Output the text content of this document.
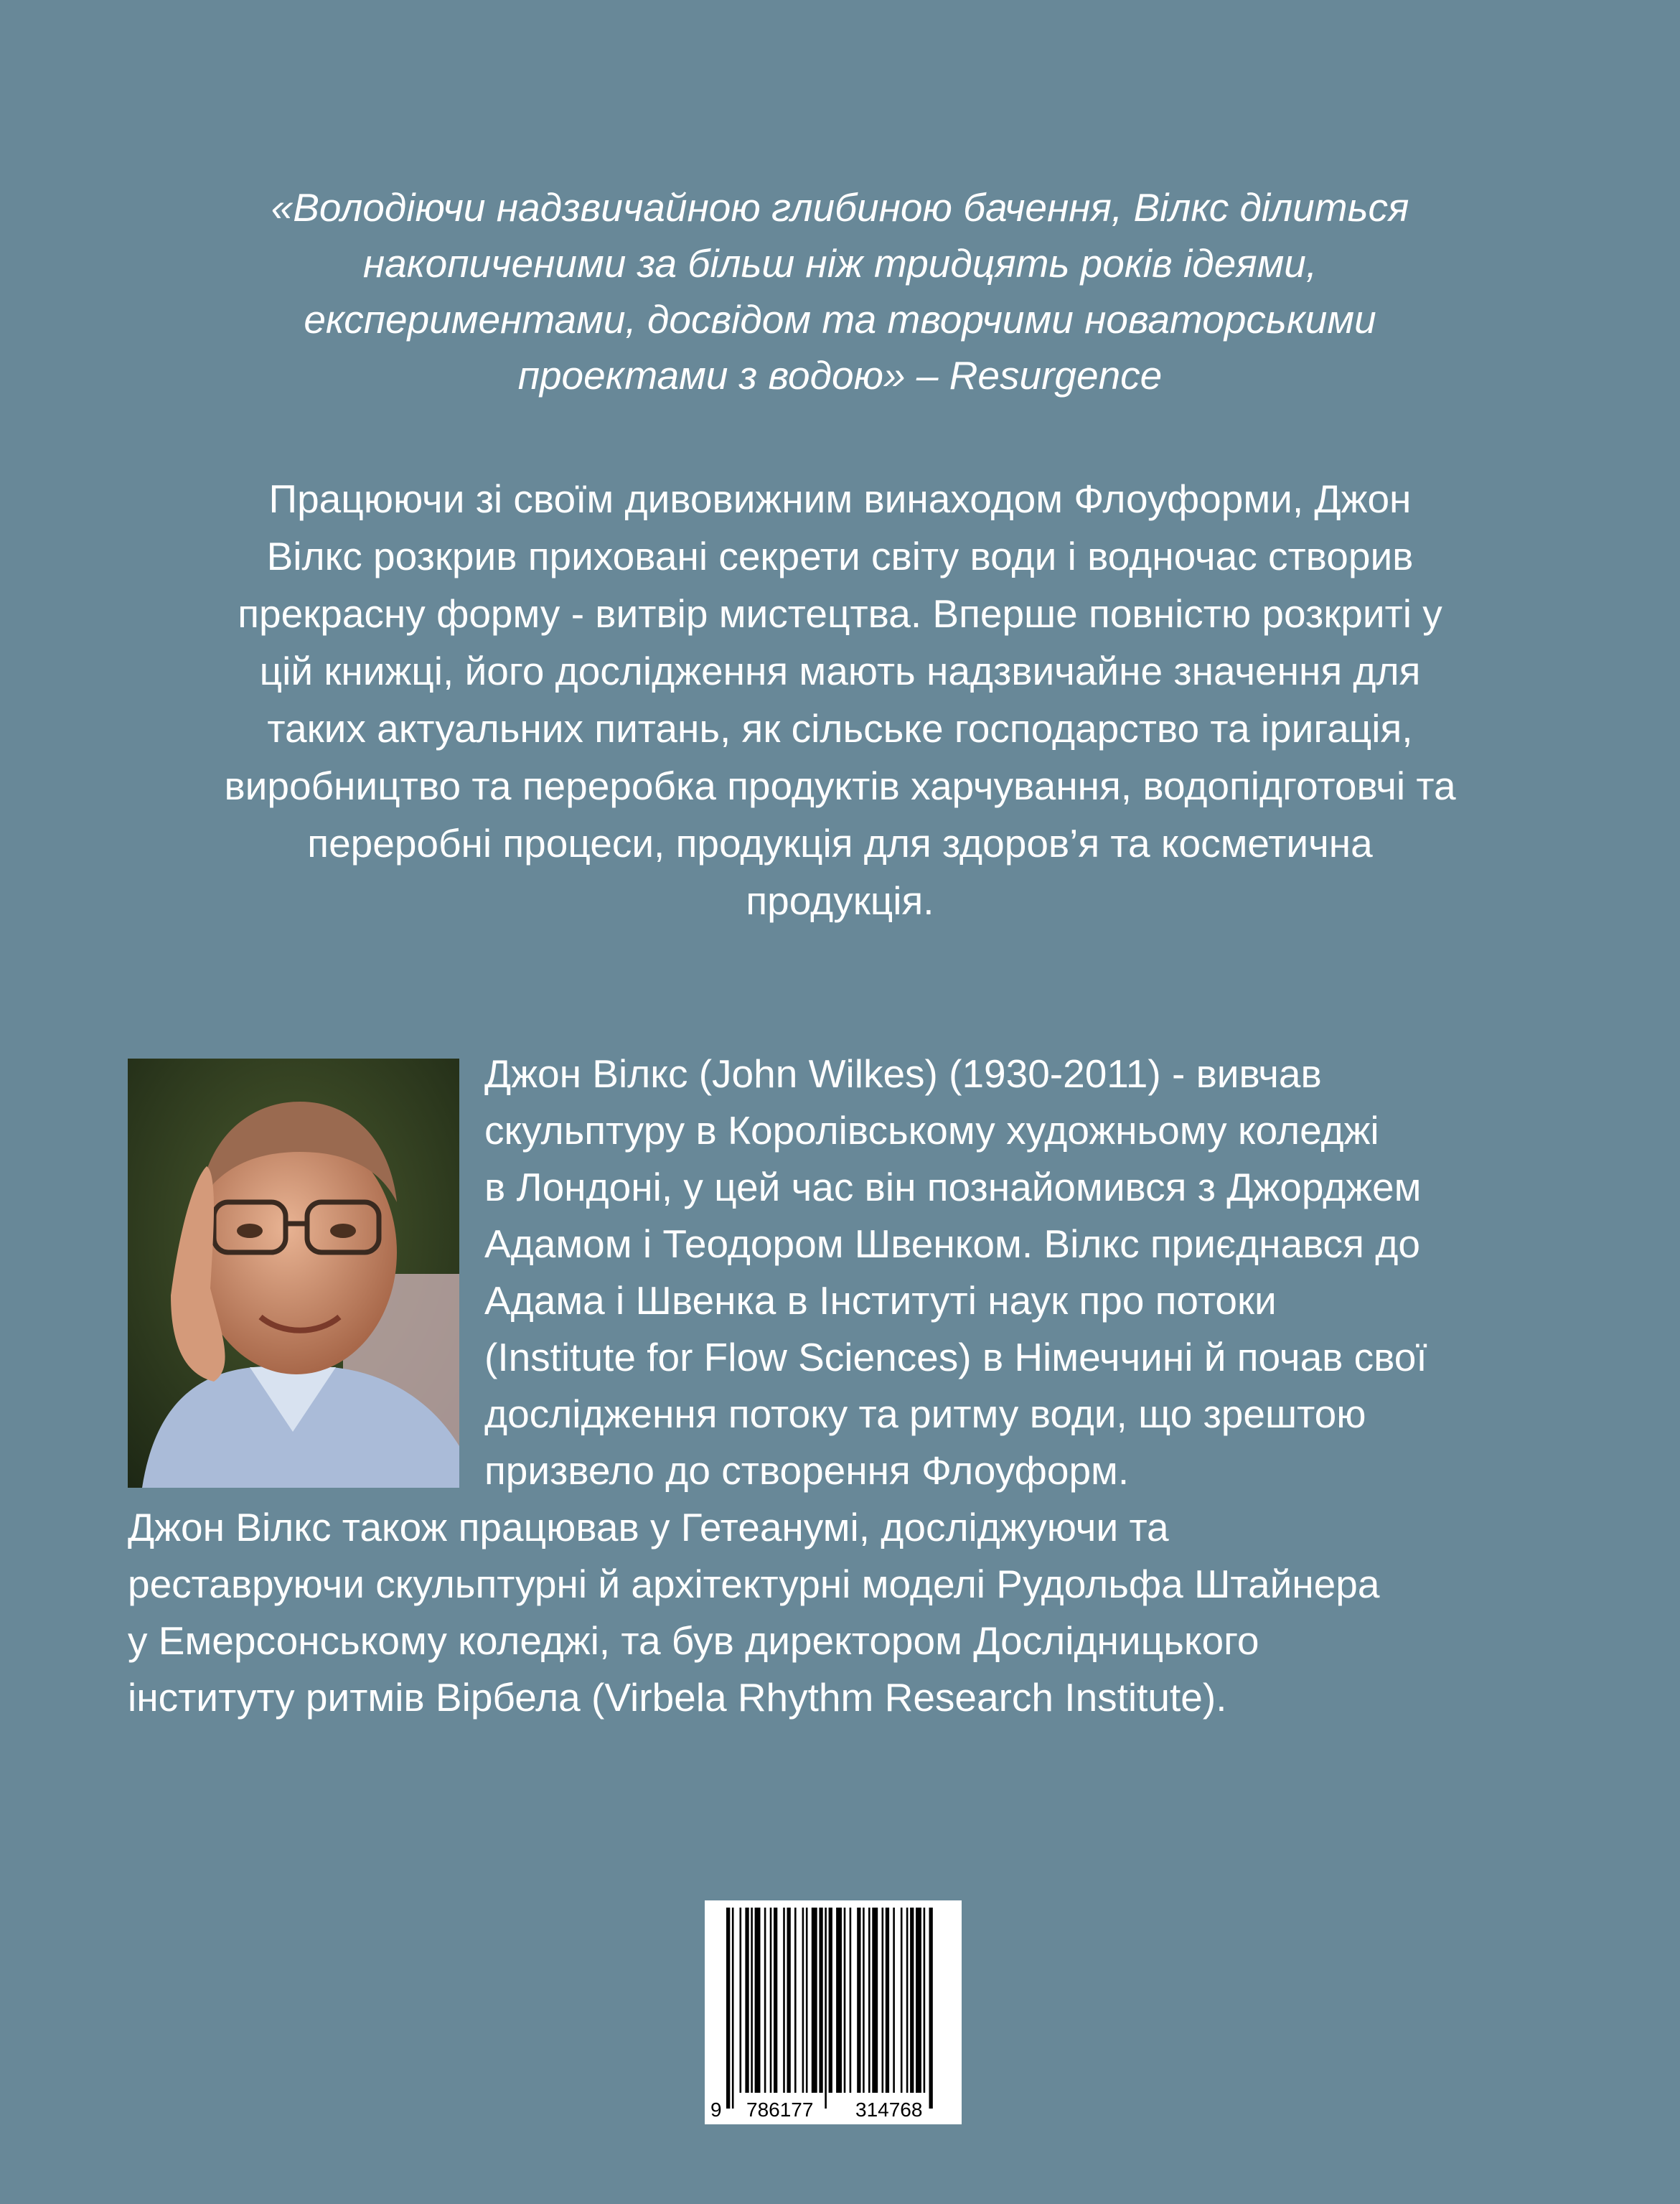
«Володіючи надзвичайною глибиною бачення, Вілкс ділиться
накопиченими за більш ніж тридцять років ідеями,
експериментами, досвідом та творчими новаторськими
проектами з водою» – Resurgence
Працюючи зі своїм дивовижним винаходом Флоуформи, Джон
Вілкс розкрив приховані секрети світу води і водночас створив
прекрасну форму - витвір мистецтва. Вперше повністю розкриті у
цій книжці, його дослідження мають надзвичайне значення для
таких актуальних питань, як сільське господарство та іригація,
виробництво та переробка продуктів харчування, водопідготовчі та
переробні процеси, продукція для здоров’я та косметична
продукція.
Джон Вілкс (John Wilkes) (1930-2011) - вивчав
скульптуру в Королівському художньому коледжі
в Лондоні, у цей час він познайомився з Джорджем
Адамом і Теодором Швенком. Вілкс приєднався до
Адама і Швенка в Інституті наук про потоки
(Institute for Flow Sciences) в Німеччині й почав свої
дослідження потоку та ритму води, що зрештою
призвело до створення Флоуформ.
Джон Вілкс також працював у Гетеанумі, досліджуючи та
реставруючи скульптурні й архітектурні моделі Рудольфа Штайнера
у Емерсонському коледжі, та був директором Дослідницького
інституту ритмів Вірбела (Virbela Rhythm Research Institute).

9

786177

314768
